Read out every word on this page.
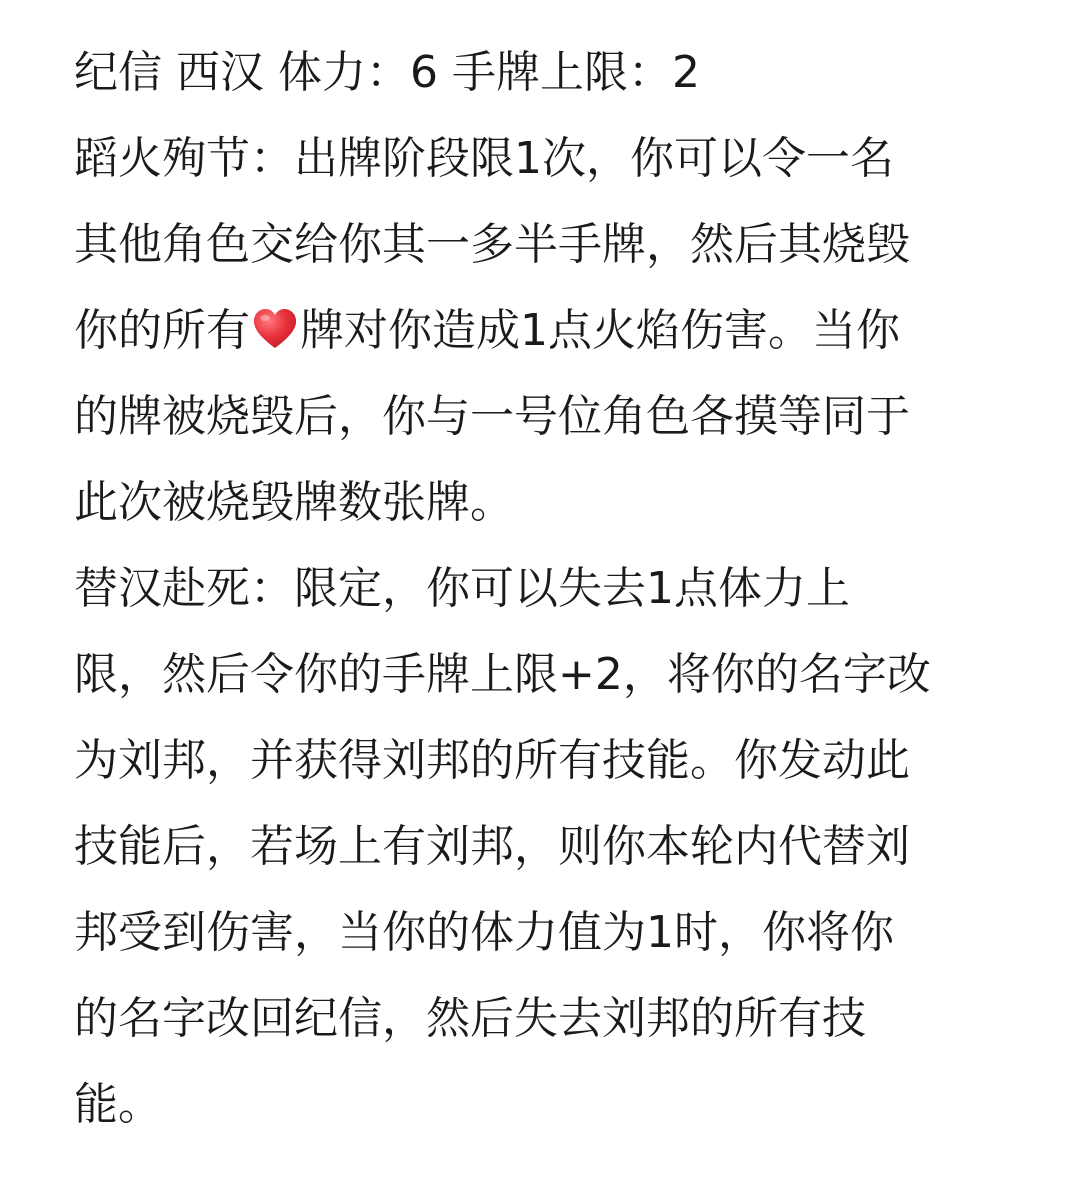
纪信 西汉 体力：6 手牌上限：2
蹈火殉节：出牌阶段限1次，你可以令一名
其他角色交给你其一多半手牌，然后其烧毁
你的所有 牌对你造成1点火焰伤害。当你
的牌被烧毁后，你与一号位角色各摸等同于
此次被烧毁牌数张牌。
替汉赴死：限定，你可以失去1点体力上
限，然后令你的手牌上限+2，将你的名字改
为刘邦，并获得刘邦的所有技能。你发动此
技能后，若场上有刘邦，则你本轮内代替刘
邦受到伤害，当你的体力值为1时，你将你
的名字改回纪信，然后失去刘邦的所有技
能。
